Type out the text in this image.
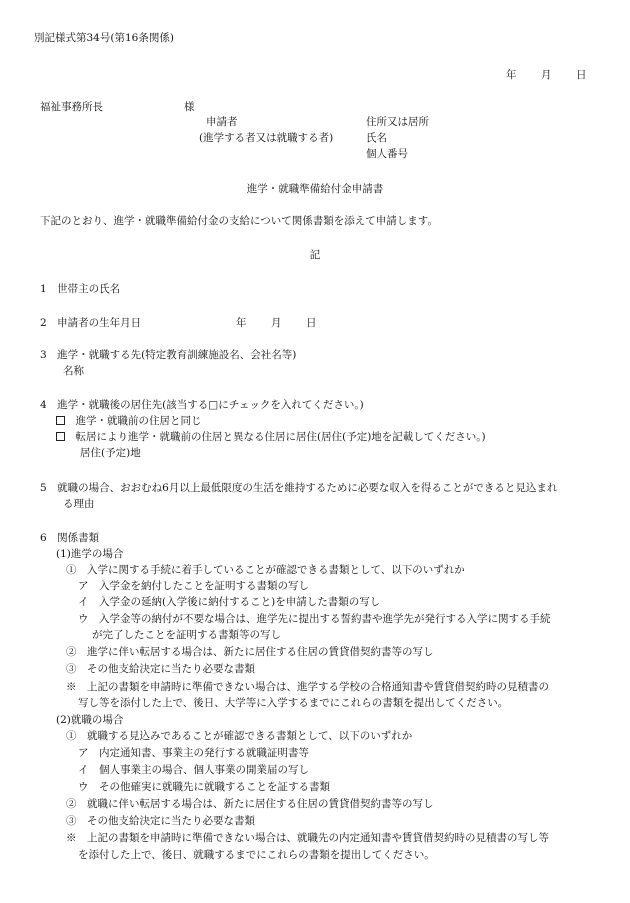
別記様式第34号(第16条関係)
年 月 日
福祉事務所長	様
申請者	住所又は居所
(進学する者又は就職する者)	氏名
個人番号
進学・就職準備給付金申請書
下記のとおり、進学・就職準備給付金の支給について関係書類を添えて申請します。
記
1　世帯主の氏名
2　申請者の生年月日	年 月 日
3　進学・就職する先(特定教育訓練施設名、会社名等)
名称
4　進学・就職後の居住先(該当する□にチェックを入れてください。)
　進学・就職前の住居と同じ
　転居により進学・就職前の住居と異なる住居に居住(居住(予定)地を記載してください。)
居住(予定)地
5　就職の場合、おおむね6月以上最低限度の生活を維持するために必要な収入を得ることができると見込まれ
る理由
6　関係書類
(1)進学の場合
①　入学に関する手続に着手していることが確認できる書類として、以下のいずれか
ア　入学金を納付したことを証明する書類の写し
イ　入学金の延納(入学後に納付すること)を申請した書類の写し
ウ　入学金等の納付が不要な場合は、進学先に提出する誓約書や進学先が発行する入学に関する手続
が完了したことを証明する書類等の写し
②　進学に伴い転居する場合は、新たに居住する住居の賃貸借契約書等の写し
③　その他支給決定に当たり必要な書類
※　上記の書類を申請時に準備できない場合は、進学する学校の合格通知書や賃貸借契約時の見積書の
写し等を添付した上で、後日、大学等に入学するまでにこれらの書類を提出してください。
(2)就職の場合
①　就職する見込みであることが確認できる書類として、以下のいずれか
ア　内定通知書、事業主の発行する就職証明書等
イ　個人事業主の場合、個人事業の開業届の写し
ウ　その他確実に就職先に就職することを証する書類
②　就職に伴い転居する場合は、新たに居住する住居の賃貸借契約書等の写し
③　その他支給決定に当たり必要な書類
※　上記の書類を申請時に準備できない場合は、就職先の内定通知書や賃貸借契約時の見積書の写し等
を添付した上で、後日、就職するまでにこれらの書類を提出してください。
